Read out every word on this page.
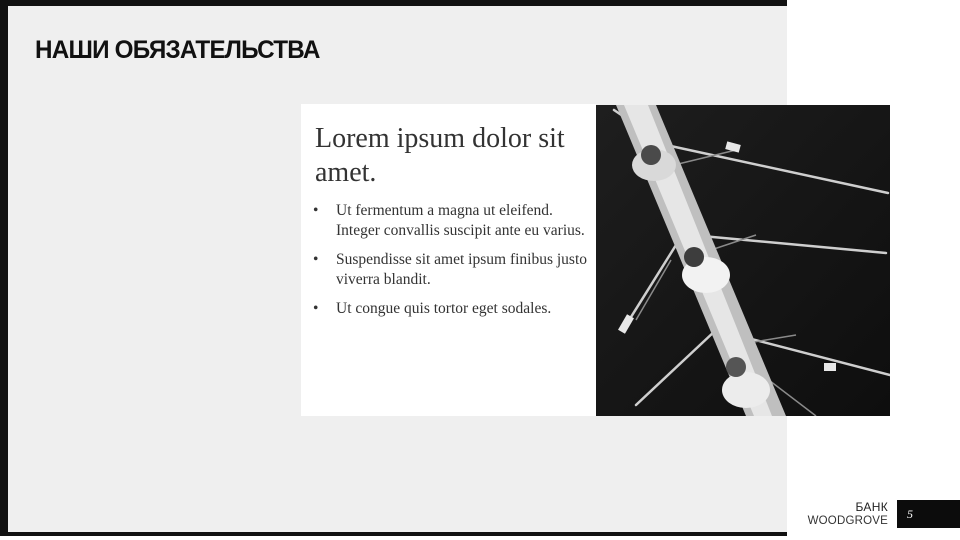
НАШИ ОБЯЗАТЕЛЬСТВА

Lorem ipsum dolor sit amet.

• Ut fermentum a magna ut eleifend. Integer convallis suscipit ante eu varius.
• Suspendisse sit amet ipsum finibus justo viverra blandit.
• Ut congue quis tortor eget sodales.
БАНК
WOODGROVE	5
